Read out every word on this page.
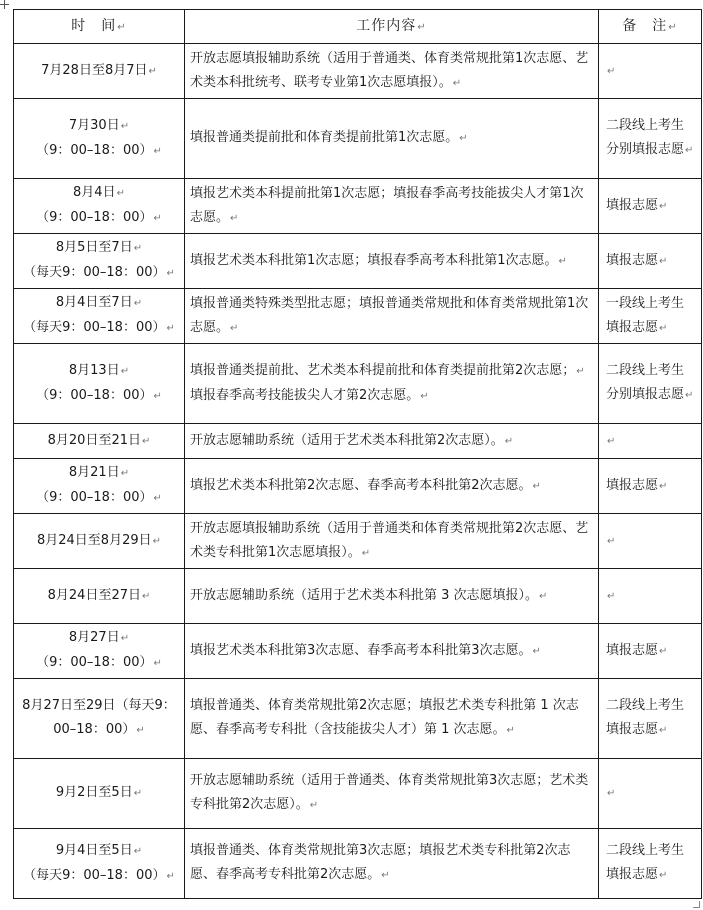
时　间↵	工作内容↵	备　注↵

7月28日至8月7日↵	开放志愿填报辅助系统（适用于普通类、体育类常规批第1次志愿、艺术类本科批统考、联考专业第1次志愿填报）。↵	↵

7月30日↵
（9：00–18：00）↵	填报普通类提前批和体育类提前批第1次志愿。↵	二段线上考生分别填报志愿↵

8月4日↵
（9：00–18：00）↵	填报艺术类本科提前批第1次志愿；填报春季高考技能拔尖人才第1次志愿。↵	填报志愿↵

8月5日至7日↵
（每天9：00–18：00）↵	填报艺术类本科批第1次志愿；填报春季高考本科批第1次志愿。↵	填报志愿↵

8月4日至7日↵
（每天9：00–18：00）↵	填报普通类特殊类型批志愿；填报普通类常规批和体育类常规批第1次志愿。↵	一段线上考生填报志愿↵

8月13日↵
（9：00–18：00）↵	填报普通类提前批、艺术类本科提前批和体育类提前批第2次志愿；↵
填报春季高考技能拔尖人才第2次志愿。↵	二段线上考生分别填报志愿↵

8月20日至21日↵	开放志愿辅助系统（适用于艺术类本科批第2次志愿）。↵	↵

8月21日↵
（9：00–18：00）↵	填报艺术类本科批第2次志愿、春季高考本科批第2次志愿。↵	填报志愿↵

8月24日至8月29日↵	开放志愿填报辅助系统（适用于普通类和体育类常规批第2次志愿、艺术类专科批第1次志愿填报）。↵	↵

8月24日至27日↵	开放志愿辅助系统（适用于艺术类本科批第 3 次志愿填报）。↵	↵

8月27日↵
（9：00–18：00）↵	填报艺术类本科批第3次志愿、春季高考本科批第3次志愿。↵	填报志愿↵

8月27日至29日（每天9：00–18：00）↵	填报普通类、体育类常规批第2次志愿；填报艺术类专科批第 1 次志愿、春季高考专科批（含技能拔尖人才）第 1 次志愿。↵	二段线上考生填报志愿↵

9月2日至5日↵	开放志愿辅助系统（适用于普通类、体育类常规批第3次志愿；艺术类专科批第2次志愿）。↵	↵

9月4日至5日↵
（每天9：00–18：00）↵	填报普通类、体育类常规批第3次志愿；填报艺术类专科批第2次志愿、春季高考专科批第2次志愿。↵	二段线上考生填报志愿↵
